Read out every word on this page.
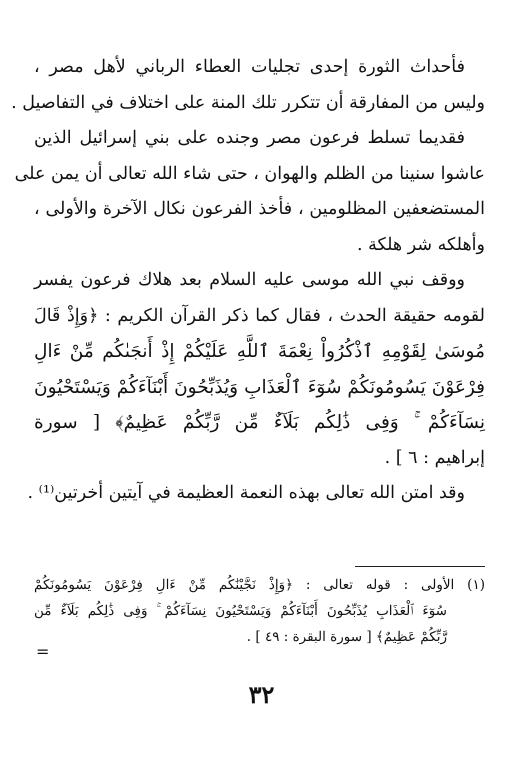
فأحداث الثورة إحدى تجليات العطاء الرباني لأهل مصر ،
وليس من المفارقة أن تتكرر تلك المنة على اختلاف في التفاصيل .
فقديما تسلط فرعون مصر وجنده على بني إسرائيل الذين
عاشوا سنينا من الظلم والهوان ، حتى شاء الله تعالى أن يمن على
المستضعفين المظلومين ، فأخذ الفرعون نكال الآخرة والأولى ،
وأهلكه شر هلكة .
ووقف نبي الله موسى عليه السلام بعد هلاك فرعون يفسر
لقومه حقيقة الحدث ، فقال كما ذكر القرآن الكريم : ﴿وَإِذْ قَالَ
مُوسَىٰ لِقَوْمِهِ ٱذْكُرُواْ نِعْمَةَ ٱللَّهِ عَلَيْكُمْ إِذْ أَنجَىٰكُم مِّنْ ءَالِ
فِرْعَوْنَ يَسُومُونَكُمْ سُوٓءَ ٱلْعَذَابِ وَيُذَبِّحُونَ أَبْنَآءَكُمْ وَيَسْتَحْيُونَ
نِسَآءَكُمْ ۚ وَفِى ذَٰلِكُم بَلَآءٌ مِّن رَّبِّكُمْ عَظِيمٌ﴾ [ سورة
إبراهيم : ٦ ] .
وقد امتن الله تعالى بهذه النعمة العظيمة في آيتين أخرتين⁽¹⁾ .
(١) الأولى : قوله تعالى : ﴿وَإِذْ نَجَّيْنَٰكُم مِّنْ ءَالِ فِرْعَوْنَ يَسُومُونَكُمْ
سُوٓءَ ٱلْعَذَابِ يُذَبِّحُونَ أَبْنَآءَكُمْ وَيَسْتَحْيُونَ نِسَآءَكُمْ ۚ وَفِى ذَٰلِكُم بَلَآءٌ مِّن
رَّبِّكُمْ عَظِيمٌ﴾ [ سورة البقرة : ٤٩ ] .
=
٣٢
